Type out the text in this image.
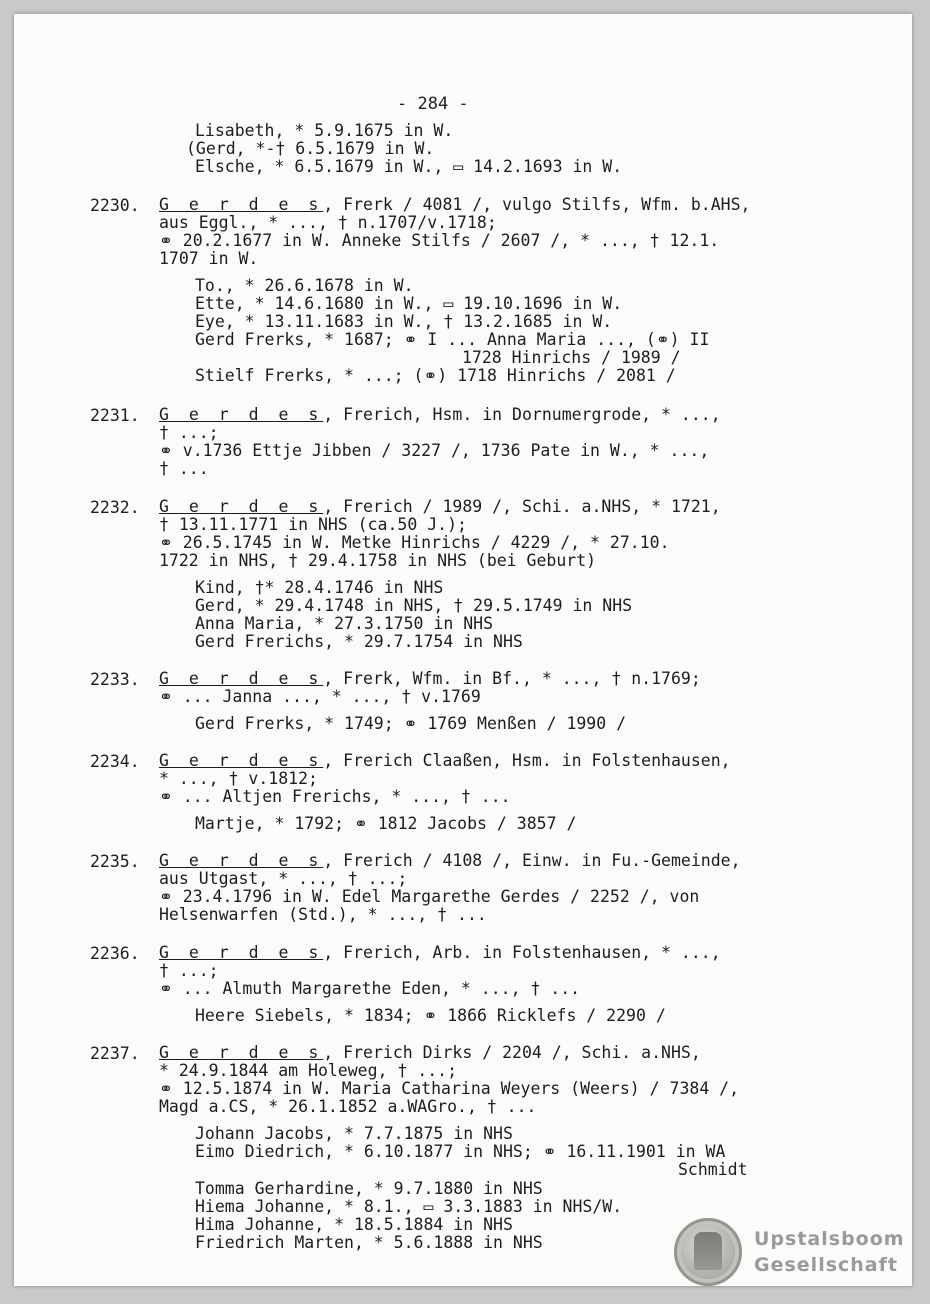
- 284 -
Lisabeth, * 5.9.1675 in W.
(Gerd, *-† 6.5.1679 in W.
Elsche, * 6.5.1679 in W., ▭ 14.2.1693 in W.
2230. G e r d e s, Frerk / 4081 /, vulgo Stilfs, Wfm. b.AHS,
aus Eggl., * ..., † n.1707/v.1718;
⚭ 20.2.1677 in W. Anneke Stilfs / 2607 /, * ..., † 12.1.
1707 in W.
To., * 26.6.1678 in W.
Ette, * 14.6.1680 in W., ▭ 19.10.1696 in W.
Eye, * 13.11.1683 in W., † 13.2.1685 in W.
Gerd Frerks, * 1687; ⚭ I ... Anna Maria ..., (⚭) II
1728 Hinrichs / 1989 /
Stielf Frerks, * ...; (⚭) 1718 Hinrichs / 2081 /
2231. G e r d e s, Frerich, Hsm. in Dornumergrode, * ...,
† ...;
⚭ v.1736 Ettje Jibben / 3227 /, 1736 Pate in W., * ...,
† ...
2232. G e r d e s, Frerich / 1989 /, Schi. a.NHS, * 1721,
† 13.11.1771 in NHS (ca.50 J.);
⚭ 26.5.1745 in W. Metke Hinrichs / 4229 /, * 27.10.
1722 in NHS, † 29.4.1758 in NHS (bei Geburt)
Kind, †* 28.4.1746 in NHS
Gerd, * 29.4.1748 in NHS, † 29.5.1749 in NHS
Anna Maria, * 27.3.1750 in NHS
Gerd Frerichs, * 29.7.1754 in NHS
2233. G e r d e s, Frerk, Wfm. in Bf., * ..., † n.1769;
⚭ ... Janna ..., * ..., † v.1769
Gerd Frerks, * 1749; ⚭ 1769 Menßen / 1990 /
2234. G e r d e s, Frerich Claaßen, Hsm. in Folstenhausen,
* ..., † v.1812;
⚭ ... Altjen Frerichs, * ..., † ...
Martje, * 1792; ⚭ 1812 Jacobs / 3857 /
2235. G e r d e s, Frerich / 4108 /, Einw. in Fu.-Gemeinde,
aus Utgast, * ..., † ...;
⚭ 23.4.1796 in W. Edel Margarethe Gerdes / 2252 /, von
Helsenwarfen (Std.), * ..., † ...
2236. G e r d e s, Frerich, Arb. in Folstenhausen, * ...,
† ...;
⚭ ... Almuth Margarethe Eden, * ..., † ...
Heere Siebels, * 1834; ⚭ 1866 Ricklefs / 2290 /
2237. G e r d e s, Frerich Dirks / 2204 /, Schi. a.NHS,
* 24.9.1844 am Holeweg, † ...;
⚭ 12.5.1874 in W. Maria Catharina Weyers (Weers) / 7384 /,
Magd a.CS, * 26.1.1852 a.WAGro., † ...
Johann Jacobs, * 7.7.1875 in NHS
Eimo Diedrich, * 6.10.1877 in NHS; ⚭ 16.11.1901 in WA
Schmidt
Tomma Gerhardine, * 9.7.1880 in NHS
Hiema Johanne, * 8.1., ▭ 3.3.1883 in NHS/W.
Hima Johanne, * 18.5.1884 in NHS
Friedrich Marten, * 5.6.1888 in NHS	Upstalsboom
Gesellschaft
